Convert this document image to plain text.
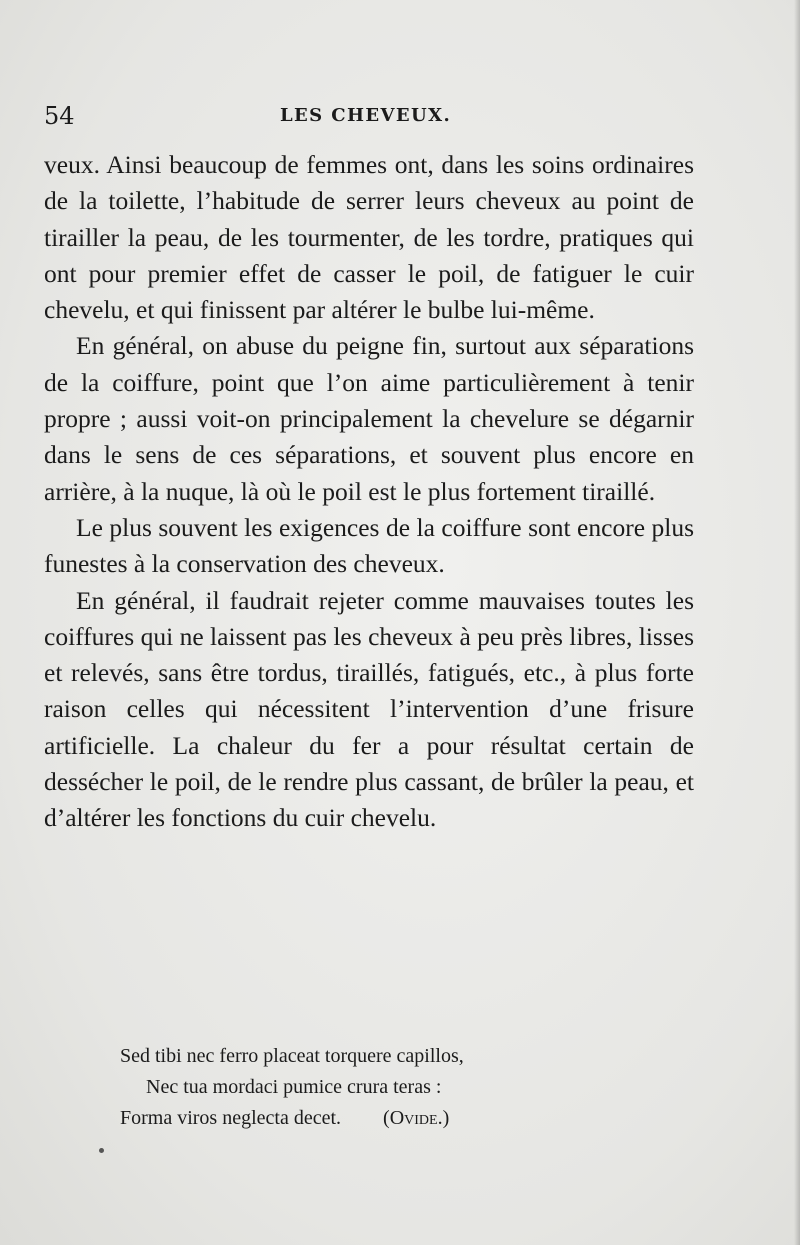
54	LES CHEVEUX.

veux. Ainsi beaucoup de femmes ont, dans les soins ordinaires de la toilette, l’habitude de serrer leurs cheveux au point de tirailler la peau, de les tourmenter, de les tordre, pratiques qui ont pour premier effet de casser le poil, de fatiguer le cuir chevelu, et qui finissent par altérer le bulbe lui-même.

En général, on abuse du peigne fin, surtout aux séparations de la coiffure, point que l’on aime particulièrement à tenir propre ; aussi voit-on principalement la chevelure se dégarnir dans le sens de ces séparations, et souvent plus encore en arrière, à la nuque, là où le poil est le plus fortement tiraillé.

Le plus souvent les exigences de la coiffure sont encore plus funestes à la conservation des cheveux.

En général, il faudrait rejeter comme mauvaises toutes les coiffures qui ne laissent pas les cheveux à peu près libres, lisses et relevés, sans être tordus, tiraillés, fatigués, etc., à plus forte raison celles qui nécessitent l’intervention d’une frisure artificielle. La chaleur du fer a pour résultat certain de dessécher le poil, de le rendre plus cassant, de brûler la peau, et d’altérer les fonctions du cuir chevelu.

Sed tibi nec ferro placeat torquere capillos,
Nec tua mordaci pumice crura teras :
Forma viros neglecta decet. (Ovide.)
